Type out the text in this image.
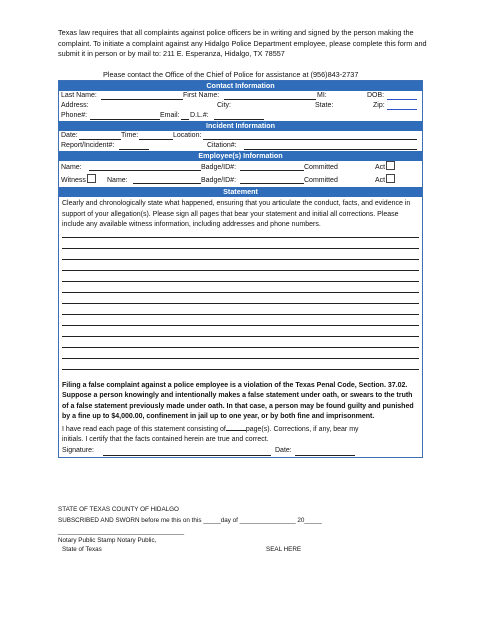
Texas law requires that all complaints against police officers be in writing and signed by the person making the complaint. To initiate a complaint against any Hidalgo Police Department employee, please complete this form and submit it in person or by mail to: 211 E. Esperanza, Hidalgo, TX 78557
Please contact the Office of the Chief of Police for assistance at (956)843-2737
Contact Information
Last Name:	First Name:	MI:	DOB:
Address:	City:	State:	Zip:
Phone#:	Email: D.L.#:
Incident Information
Date:	Time:	Location:
Report/Incident#:	Citation#:
Employee(s) Information
Name:	Badge/ID#:	Committed	Act
Witness	Name:	Badge/ID#:	Committed	Act
Statement
Clearly and chronologically state what happened, ensuring that you articulate the conduct, facts, and evidence in support of your allegation(s). Please sign all pages that bear your statement and initial all corrections. Please include any available witness information, including addresses and phone numbers.
Filing a false complaint against a police employee is a violation of the Texas Penal Code, Section. 37.02. Suppose a person knowingly and intentionally makes a false statement under oath, or swears to the truth of a false statement previously made under oath. In that case, a person may be found guilty and punished by a fine up to $4,000.00, confinement in jail up to one year, or by both fine and imprisonment.
I have read each page of this statement consisting of	page(s). Corrections, if any, bear my
initials. I certify that the facts contained herein are true and correct.
Signature:	Date:
STATE OF TEXAS COUNTY OF HIDALGO
SUBSCRIBED AND SWORN before me this on this _____day of ________________ 20_____
____________________________________
Notary Public Stamp Notary Public,
State of Texas	SEAL HERE
